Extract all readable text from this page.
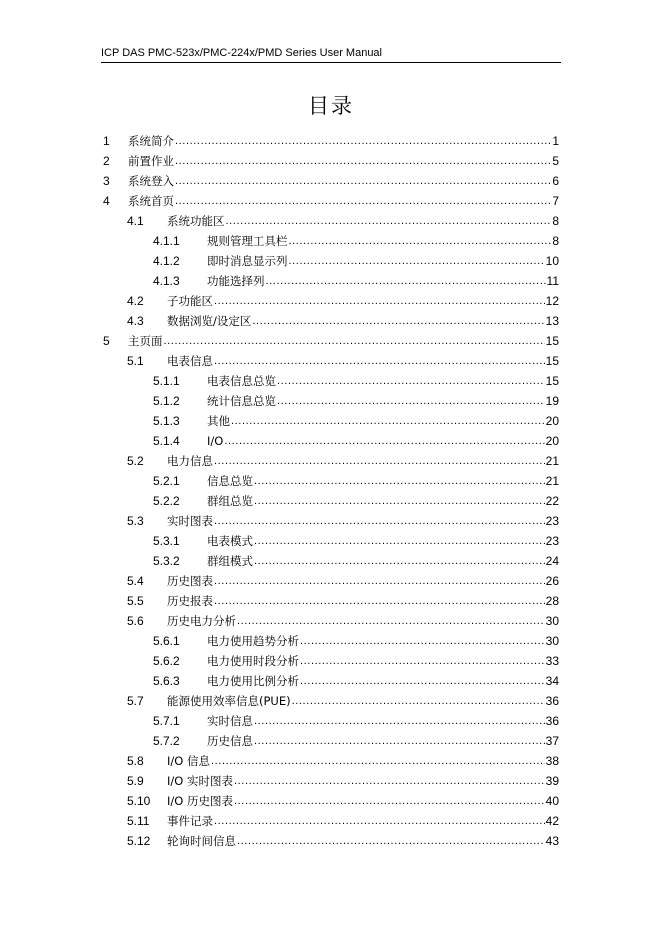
ICP DAS PMC-523x/PMC-224x/PMD Series User Manual
目录
1	系统简介 .....	1
2	前置作业 .....	5
3	系统登入 .....	6
4	系统首页 .....	7
4.1	系统功能区 .....	8
4.1.1	规则管理工具栏 .....	8
4.1.2	即时消息显示列 .....	10
4.1.3	功能选择列 .....	11
4.2	子功能区 .....	12
4.3	数据浏览/设定区 .....	13
5	主页面 .....	15
5.1	电表信息 .....	15
5.1.1	电表信息总览 .....	15
5.1.2	统计信息总览 .....	19
5.1.3	其他 .....	20
5.1.4	I/O .....	20
5.2	电力信息 .....	21
5.2.1	信息总览 .....	21
5.2.2	群组总览 .....	22
5.3	实时图表 .....	23
5.3.1	电表模式 .....	23
5.3.2	群组模式 .....	24
5.4	历史图表 .....	26
5.5	历史报表 .....	28
5.6	历史电力分析 .....	30
5.6.1	电力使用趋势分析 .....	30
5.6.2	电力使用时段分析 .....	33
5.6.3	电力使用比例分析 .....	34
5.7	能源使用效率信息(PUE) .....	36
5.7.1	实时信息 .....	36
5.7.2	历史信息 .....	37
5.8	I/O 信息 .....	38
5.9	I/O 实时图表 .....	39
5.10	I/O 历史图表 .....	40
5.11	事件记录 .....	42
5.12	轮询时间信息 .....	43
